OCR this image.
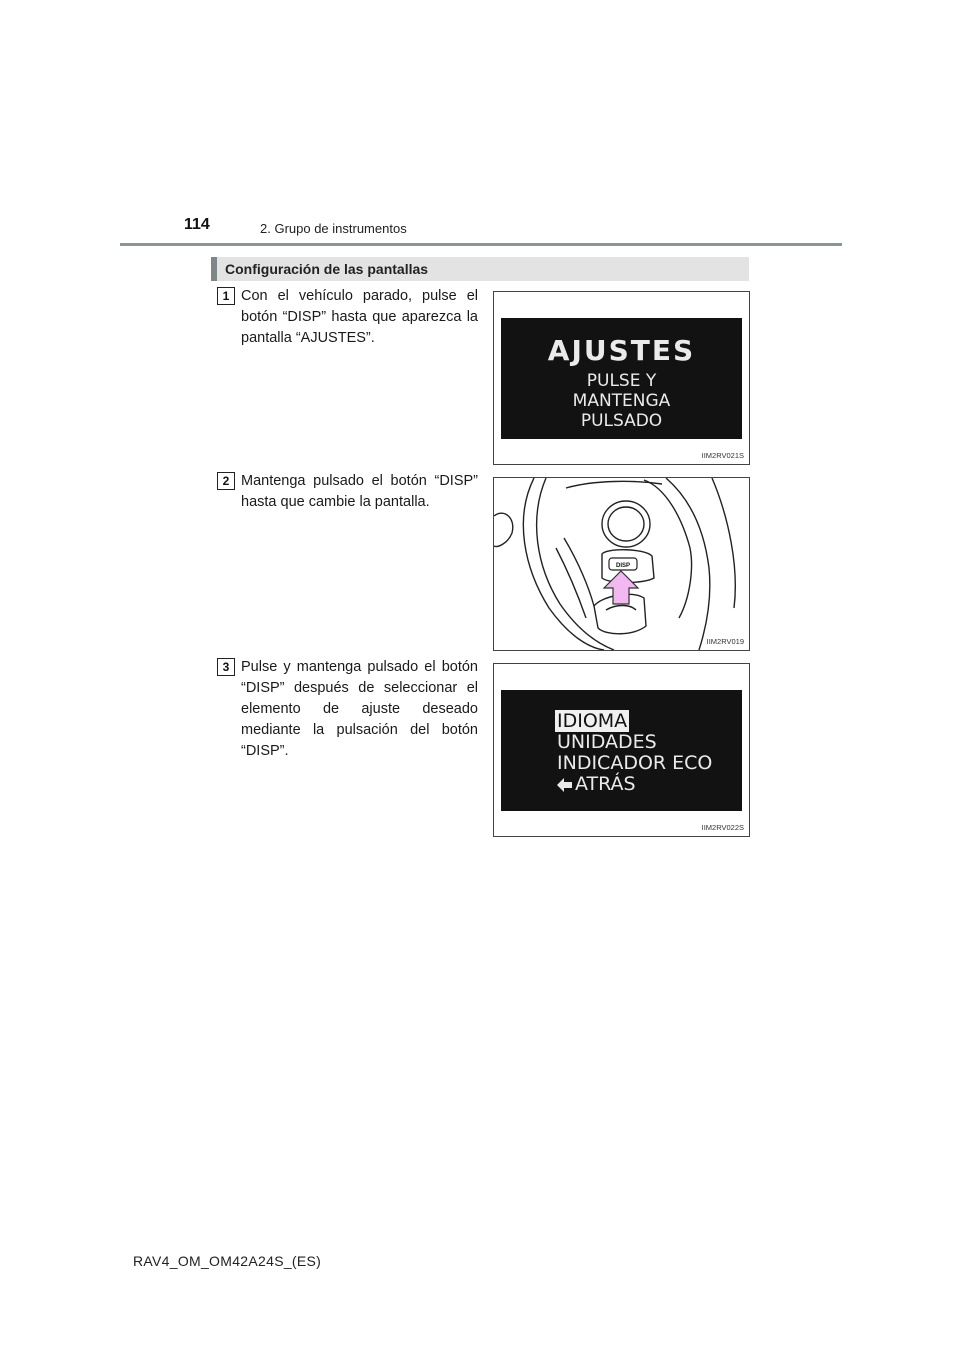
114	2. Grupo de instrumentos
Configuración de las pantallas
1 Con el vehículo parado, pulse el botón “DISP” hasta que aparezca la pantalla “AJUSTES”.	AJUSTES
PULSE Y
MANTENGA
PULSADO
IIM2RV021S
2 Mantenga pulsado el botón “DISP” hasta que cambie la pantalla.
DISP
IIM2RV019
3 Pulse y mantenga pulsado el botón “DISP” después de seleccionar el elemento de ajuste deseado mediante la pulsación del botón “DISP”.
IDIOMA
UNIDADES
INDICADOR ECO
ATRÁS
IIM2RV022S
RAV4_OM_OM42A24S_(ES)
